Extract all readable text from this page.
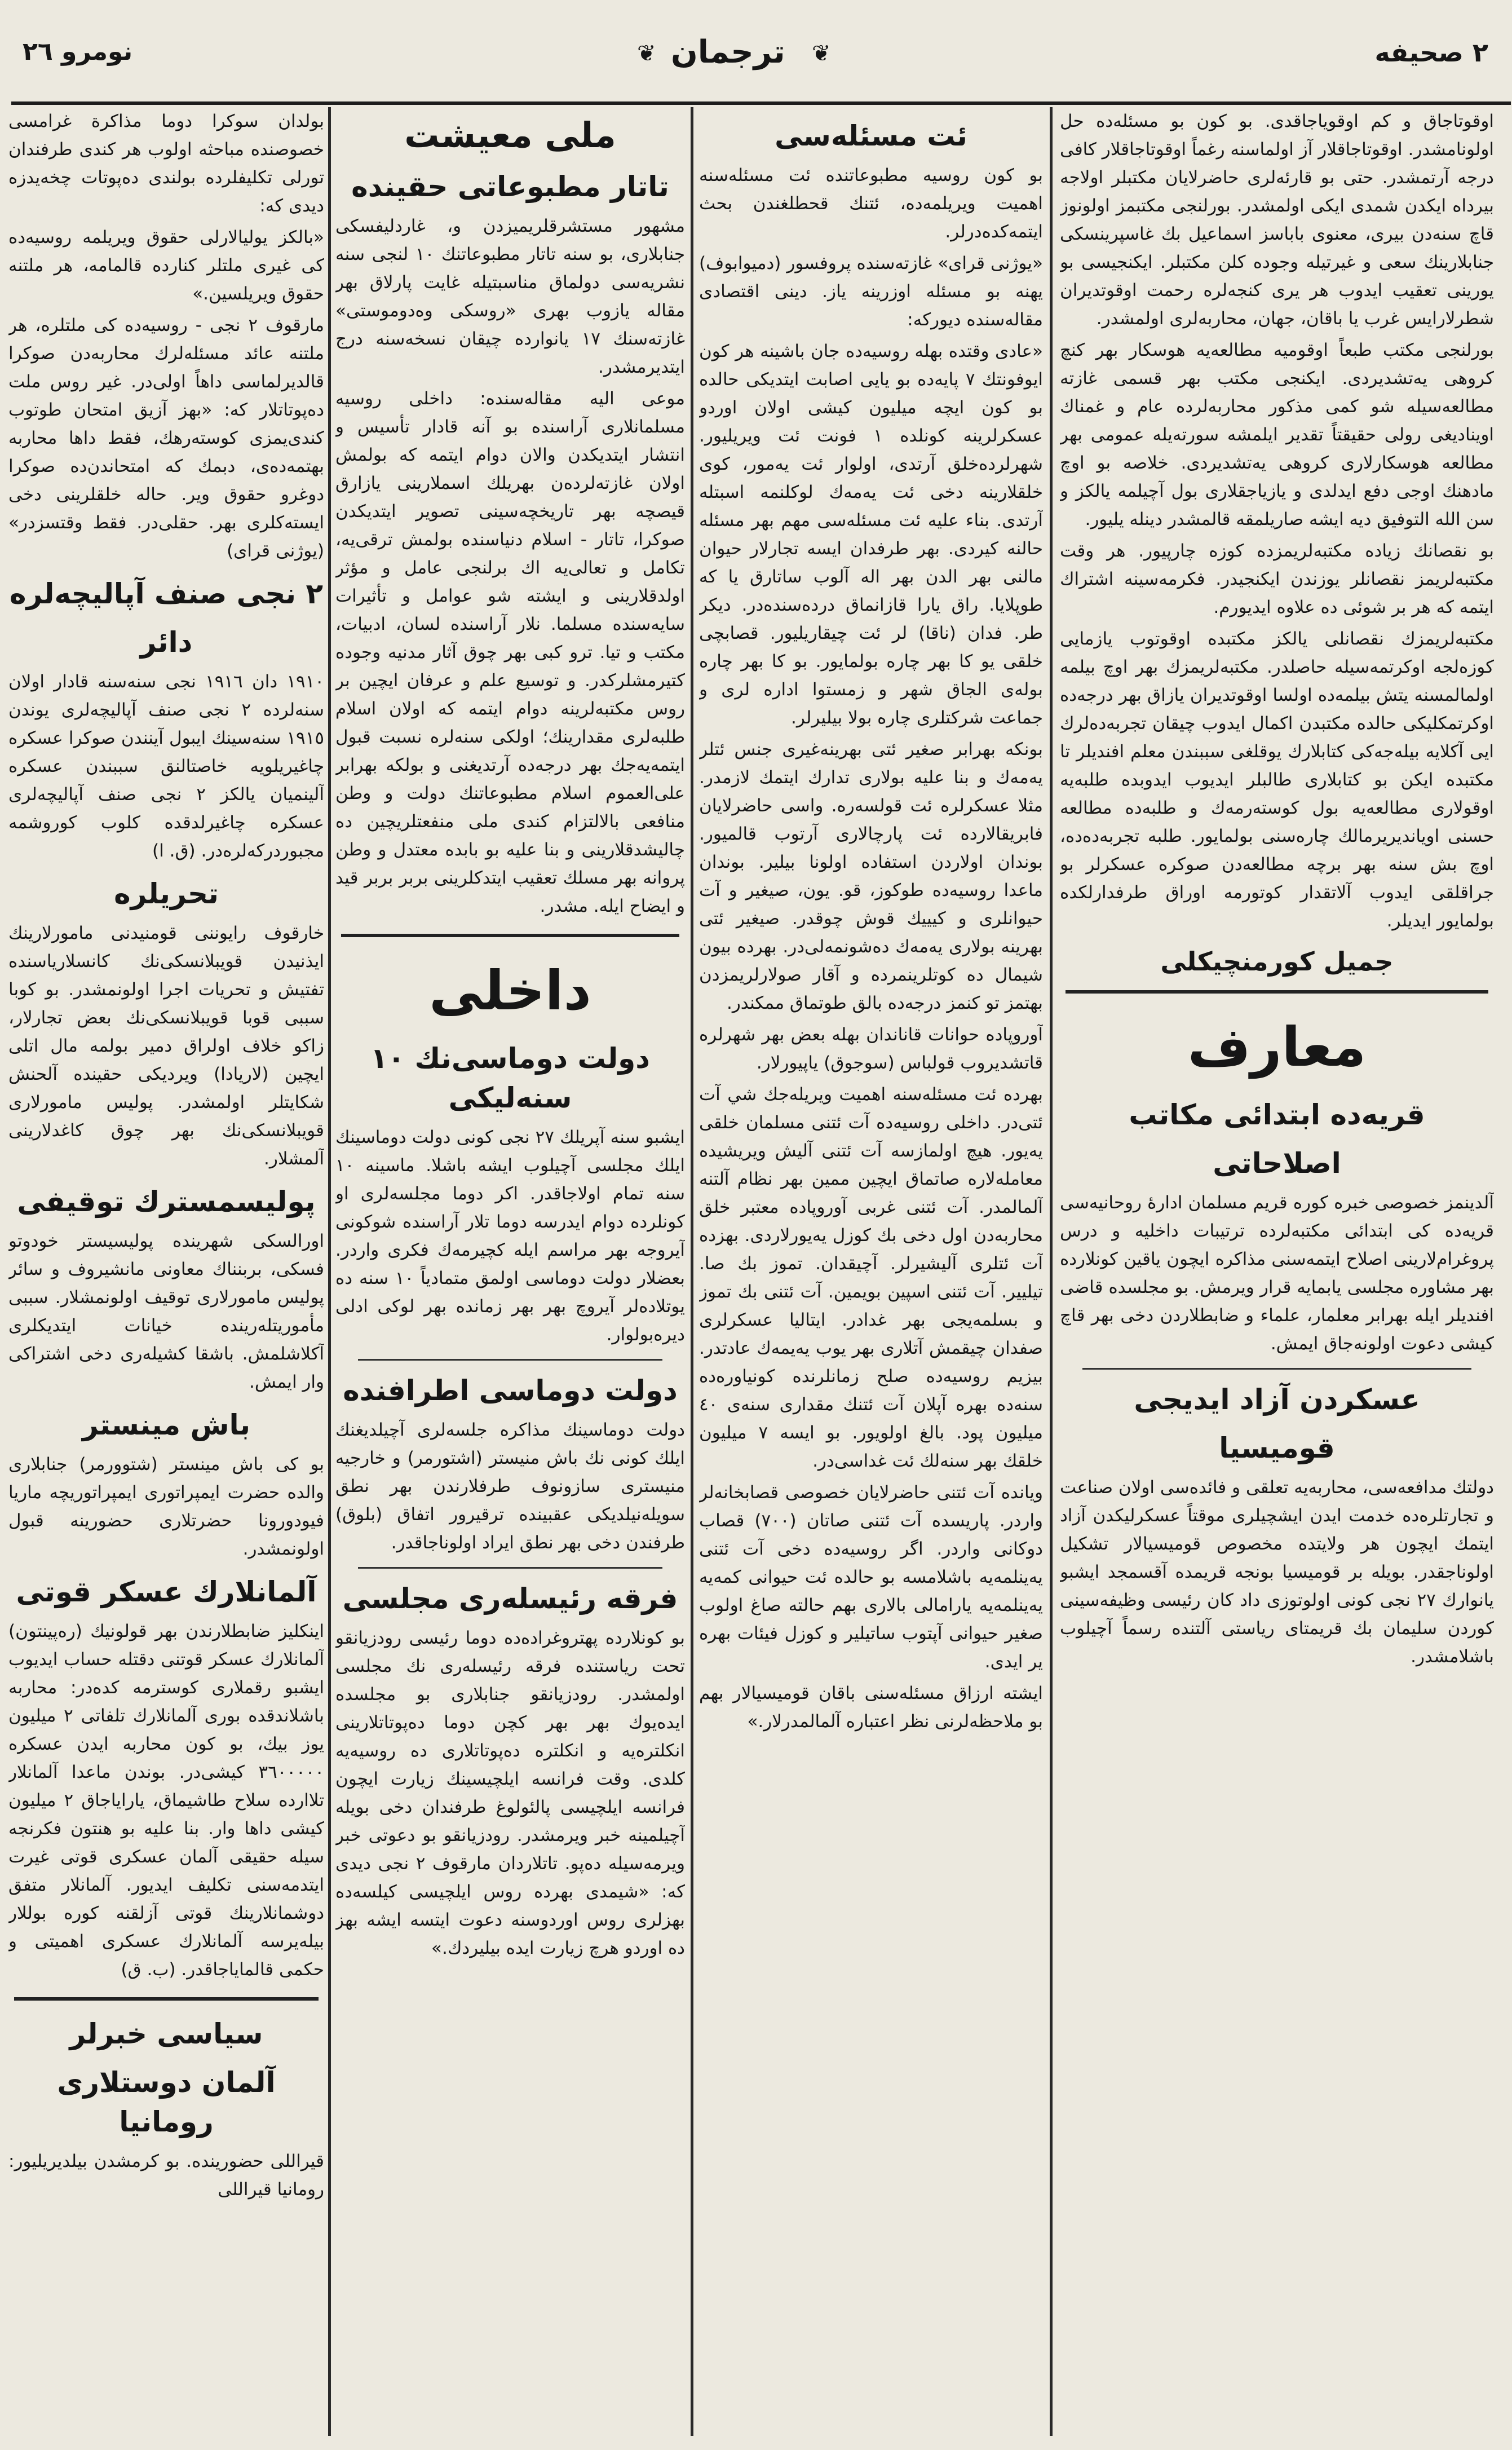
٢ صحيفه
ترجمان
❦	❦
نومرو ٢٦

اوقوتاجاق و كم اوقوياجاقدى. بو كون بو مسئله‌ده حل اولونامشدر. اوقوتاجاقلار آز اولماسنه رغماً اوقوتاجاقلار كافى درجه آرتمشدر. حتى بو قارئه‌لرى حاضرلايان مكتبلر اولاجه بيرداه ايكدن شمدى ايكى اولمشدر. بورلنجى مكتبمز اولونوز قاچ سنه‌دن بيرى، معنوى باباسز اسماعيل بك غاسپرينسكى جنابلارينك سعى و غيرتيله وجوده كلن مكتبلر. ايكنجيسى بو يورينى تعقيب ايدوب هر يرى كنجه‌لره رحمت اوقوتديران شطرلارايس غرب يا باقان، جهان، محاربه‌لرى اولمشدر.

بورلنجى مكتب طبعاً اوقوميه مطالعه‌يه هوسكار بهر كنچ كروهى يه‌تشديردى. ايكنجى مكتب بهر قسمى غازته مطالعه‌سيله شو كمى مذكور محاربه‌لرده عام و غمناك اويناديغى رولى حقيقتاً تقدير ايلمشه سورته‌يله عمومى بهر مطالعه هوسكارلارى كروهى يه‌تشديردى. خلاصه بو اوچ مادهنك اوجى دفع ايدلدى و يازياجقلارى بول آچيلمه يالكز و سن الله التوفيق ديه ايشه صاريلمقه قالمشدر دينله يليور.

بو نقصانك زياده مكتبه‌لريمزده كوزه چارپيور. هر وقت مكتبه‌لريمز نقصانلر يوزندن ايكنجيدر. فكرمه‌سينه اشتراك ايتمه كه هر بر شوئى ده علاوه ايديورم.

مكتبه‌لريمزك نقصانلى يالكز مكتبده اوقوتوب يازمايى كوزه‌لجه اوكرتمه‌سيله حاصلدر. مكتبه‌لريمزك بهر اوچ بيلمه اولمالمسنه يتش بيلمه‌ده اولسا اوقوتديران يازاق بهر درجه‌ده اوكرتمكليكى حالده مكتبدن اكمال ايدوب چيقان تجربه‌ده‌لرك ايى آكلايه بيله‌جه‌كى كتابلارك يوقلغى سببندن معلم افنديلر تا مكتبده ايكن بو كتابلارى طالبلر ايديوب ايدوبده طلبه‌يه اوقولارى مطالعه‌يه بول كوسته‌رمه‌ك و طلبه‌ده مطالعه حسنى اويانديريرمالك چاره‌سنى بولمايور. طلبه تجربه‌ده‌ده، اوچ بش سنه بهر برچه مطالعه‌دن صوكره عسكرلر بو جراقلقى ايدوب آلاتقدار كوتورمه اوراق طرفدارلكده بولمايور ايديلر.

جميل كورمنچيكلى
معارف
قريه‌ده ابتدائى مكاتب
اصلاحاتى

آلدينمز خصوصى خبره كوره قريم مسلمان ادارهٔ روحانيه‌سى قريه‌ده كى ابتدائى مكتبه‌لرده ترتيبات داخليه و درس پروغرام‌لارينى اصلاح ايتمه‌سنى مذاكره ايچون ياقين كونلارده بهر مشاوره مجلسى يابمايه قرار ويرمش. بو مجلسده قاضى افنديلر ايله بهرابر معلمار، علماء و ضابطلاردن دخى بهر قاچ كيشى دعوت اولونه‌جاق ايمش.

عسكردن آزاد ايديجى
قوميسيا

دولتك مدافعه‌سى، محاربه‌يه تعلقى و فائده‌سى اولان صناعت و تجارتلره‌ده خدمت ايدن ايشچيلرى موقتاً عسكرليكدن آزاد ايتمك ايچون هر ولايتده مخصوص قوميسيالار تشكيل اولوناجقدر. بويله بر قوميسيا بونجه قريمده آقسمجد ايشبو يانوارك ٢٧ نجى كونى اولوتوزى داد كان رئيسى وظيفه‌سينى كوردن سليمان بك قريمتاى رياستى آلتنده رسماً آچيلوب باشلامشدر.

ئت مسئله‌سى

بو كون روسيه مطبوعاتنده ئت مسئله‌سنه اهميت ويريلمه‌ده، ئتنك قحطلغندن بحث ايتمه‌كده‌درلر.

«يوژنى قراى» غازته‌سنده پروفسور (دميوابوف) يهنه بو مسئله اوزرينه ياز. دينى اقتصادى مقاله‌سنده ديوركه:

«عادى وقتده بهله روسيه‌ده جان باشينه هر كون ايوفونتك ٧ پايه‌ده بو يايى اصابت ايتديكى حالده بو كون ايچه ميليون كيشى اولان اوردو عسكرلرينه كونلده ١ فونت ئت ويريليور. شهرلرده‌خلق آرتدى، اولوار ئت يه‌مور، كوى خلقلارينه دخى ئت يه‌مه‌ك لوكلنمه اسبتله آرتدى. بناء عليه ئت مسئله‌سى مهم بهر مسئله حالنه كيردى. بهر طرفدان ايسه تجارلار حيوان مالنى بهر الدن بهر اله آلوب ساتارق يا كه طوپلايا. راق يارا قازانماق درده‌سنده‌در. ديكر طر. فدان (ناقا) لر ئت چيقاريليور. قصابچى خلقى يو كا بهر چاره بولمايور. بو كا بهر چاره بوله‌ى الجاق شهر و زمستوا اداره لرى و جماعت شركتلرى چاره بولا بيليرلر.

بونكه بهرابر صغير ئتى بهرينه‌غيرى جنس ئتلر يه‌مه‌ك و بنا عليه بولارى تدارك ايتمك لازمدر. مثلا عسكرلره ئت قولسه‌ره. واسى حاضرلايان فابريقالارده ئت پارچالارى آرتوب قالميور. بوندان اولاردن استفاده اولونا بيلير. بوندان ماعدا روسيه‌ده طوكوز، قو. يون، صيغير و آت حيوانلرى و كيييك قوش چوقدر. صيغير ئتى بهرينه بولارى يه‌مه‌ك ده‌شونمه‌لى‌در. بهرده بيون شيمال ده كوتلرينمرده و آقار صولارلريمزدن بهتمز تو كنمز درجه‌ده بالق طوتماق ممكندر.

آوروپاده حوانات قاناندان بهله بعض بهر شهرلره قاتشديروب قولباس (سوجوق) ياپيورلار.

بهرده ئت مسئله‌سنه اهميت ويريله‌جك شي آت ئتى‌در. داخلى روسيه‌ده آت ئتنى مسلمان خلقى يه‌يور. هيچ اولمازسه آت ئتنى آليش ويريشيده معامله‌لاره صاتماق ايچين ممين بهر نظام آلتنه آلمالمدر. آت ئتنى غربى آوروپاده معتبر خلق محاربه‌دن اول دخى بك كوزل يه‌يورلاردى. بهزده آت ئتلرى آليشيرلر. آچيقدان. تموز بك صا. تيليير. آت ئتنى اسپين بويمين. آت ئتنى بك تموز و بسلمه‌يجى بهر غدادر. ايتاليا عسكرلرى صفدان چيقمش آتلارى بهر يوب يه‌يمه‌ك عادتدر. بيزيم روسيه‌ده صلح زمانلرنده كونياوره‌ده سنه‌ده بهره آپلان آت ئتنك مقدارى سنه‌ى ٤٠ ميليون پود. بالغ اولويور. بو ايسه ٧ ميليون خلقك بهر سنه‌لك ئت غداسى‌در.

ويانده آت ئتنى حاضرلايان خصوصى قصابخانه‌لر واردر. پاريسده آت ئتنى صاتان (٧٠٠) قصاب دوكانى واردر. اگر روسيه‌ده دخى آت ئتنى يه‌ينلمه‌يه باشلامسه بو حالده ئت حيوانى كمه‌يه يه‌ينلمه‌يه يارامالى بالارى بهم حالته صاغ اولوب صغير حيوانى آپتوب ساتيلير و كوزل فيئات بهره ير ايدى.

ايشته ارزاق مسئله‌سنى باقان قوميسيالار بهم بو ملاحظه‌لرنى نظر اعتباره آلمالمدرلار.»

ملى معيشت
تاتار مطبوعاتى حقينده

مشهور مستشرقلريميزدن و، غاردليفسكى جنابلارى، بو سنه تاتار مطبوعاتنك ١٠ لنجى سنه نشريه‌سى دولماق مناسبتيله غايت پارلاق بهر مقاله يازوب بهرى «روسكى وه‌دوموستى» غازته‌سنك ١٧ يانوارده چيقان نسخه‌سنه درج ايتديرمشدر.

موعى اليه مقاله‌سنده: داخلى روسيه مسلمانلارى آراسنده بو آنه قادار تأسيس و انتشار ايتديكدن والان دوام ايتمه كه بولمش اولان غازته‌لرده‌ن بهريلك اسملارينى يازارق قيصچه بهر تاريخچه‌سينى تصوير ايتديكدن صوكرا، تاتار - اسلام دنياسنده بولمش ترقى‌يه، تكامل و تعالى‌يه اك برلنجى عامل و مؤثر اولدقلارينى و ايشته شو عوامل و تأثيرات سايه‌سنده مسلما. نلار آراسنده لسان، ادبيات، مكتب و تيا. ترو كبى بهر چوق آثار مدنيه وجوده كتيرمشلركدر. و توسيع علم و عرفان ايچين بر روس مكتبه‌لرينه دوام ايتمه كه اولان اسلام طلبه‌لرى مقدارينك؛ اولكى سنه‌لره نسبت قبول ايتمه‌يه‌جك بهر درجه‌ده آرتديغنى و بولكه بهرابر على‌العموم اسلام مطبوعاتنك دولت و وطن منافعى بالالتزام كندى ملى منفعتلريچين ده چاليشدقلارينى و بنا عليه بو بابده معتدل و وطن پروانه بهر مسلك تعقيب ايتدكلرينى بربر بربر قيد و ايضاح ايله. مشدر.

داخلى
دولت دوماسى‌نك ١٠ سنه‌ليكى

ايشبو سنه آپريلك ٢٧ نجى كونى دولت دوماسينك ايلك مجلسى آچيلوب ايشه باشلا. ماسينه ١٠ سنه تمام اولاجاقدر. اكر دوما مجلسه‌لرى او كونلرده دوام ايدرسه دوما تلار آراسنده شوكونى آيروجه بهر مراسم ايله كچيرمه‌ك فكرى واردر. بعضلار دولت دوماسى اولمق متمادياً ١٠ سنه ‌ده يوتلاده‌لر آيروچ بهر بهر زمانده بهر لوكى ادلى ديره‌بولوار.

دولت دوماسى اطرافنده

دولت دوماسينك مذاكره جلسه‌لرى آچيلديغنك ايلك كونى نك باش منيستر (اشتورمر) و خارجيه منيسترى سازونوف طرفلارندن بهر نطق سويله‌نيلديكى عقبينده ترقيرور اتفاق (بلوق) طرفندن دخى بهر نطق ايراد اولوناجاقدر.

فرقه رئيسله‌رى مجلسى

بو كونلارده پهتروغراده‌ده دوما رئيسى رودزيانقو تحت رياستنده فرقه رئيسله‌رى نك مجلسى اولمشدر. رودزيانقو جنابلارى بو مجلسده ايده‌يوك بهر بهر كچن دوما ده‌پوتاتلارينى انكلتره‌يه و انكلتره ده‌پوتاتلارى ده روسيه‌يه كلدى. وقت فرانسه ايلچيسينك زيارت ايچون فرانسه ايلچيسى پالئولوغ طرفندان دخى بويله آچيلمينه خبر ويرمشدر. رودزيانقو بو دعوتى خبر ويرمه‌سيله ده‌پو. تاتلاردان مارقوف ٢ نجى ديدى كه: «شيمدى بهرده روس ايلچيسى كيلسه‌ده بهزلرى روس اوردوسنه دعوت ايتسه ايشه بهز ده اوردو هرچ زيارت ايده بيليردك.»

بولدان سوكرا دوما مذاكرة غرامسى خصوصنده مباحثه اولوب هر كندى طرفندان تورلى تكليفلرده بولندى ده‌پوتات چخه‌يدزه ديدى كه:

«بالكز يوليالارلى حقوق ويريلمه روسيه‌ده كى غيرى ملتلر كنارده قالمامه، هر ملتنه حقوق ويريلسين.»

مارقوف ٢ نجى - روسيه‌ده كى ملتلره، هر ملتنه عائد مسئله‌لرك محاربه‌دن صوكرا قالديرلماسى داهاً اولى‌در. غير روس ملت ده‌پوتاتلار كه: «بهز آزيق امتحان طوتوب كندى‌يمزى كوسته‌رهك، فقط داها محاربه بهتمه‌ده‌ى، دبمك كه امتحاندن‌ده صوكرا دوغرو حقوق وير. حاله خلقلرينى دخى ايسته‌كلرى بهر. حقلى‌در. فقط وقتسزدر» (يوژنى قراى)

٢ نجى صنف آپاليچه‌لره
دائر

١٩١٠ دان ١٩١٦ نجى سنه‌سنه قادار اولان سنه‌لرده ٢ نجى صنف آپاليچه‌لرى يوندن ١٩١٥ سنه‌سينك ايبول آينندن صوكرا عسكره چاغيريلويه خاصتالنق سببندن عسكره آلينميان يالكز ٢ نجى صنف آپاليچه‌لرى عسكره چاغيرلدقده كلوب كوروشمه مجبوردركه‌لره‌در. (ق. ا)

تحريلره

خارقوف رايوننى قومنيدنى مامورلارينك ايذنيدن قويبلانسكى‌نك كانسلارياسنده تفتيش و تحريات اجرا اولونمشدر. بو كوبا سببى قوبا قويبلانسكى‌نك بعض تجارلار، زاكو خلاف اولراق دمير بولمه مال اتلى ايچين (لاريادا) ويرديكى حقينده آلحنش شكايتلر اولمشدر. پوليس مامورلارى قويبلانسكى‌نك بهر چوق كاغدلارينى آلمشلار.

پوليسمستر‌ك توقيفى

اورالسكى شهرينده پوليسيستر خودوتو فسكى، بربنناك معاونى مانشيروف و سائر پوليس مامورلارى توقيف اولونمشلار. سببى مأموريتله‌رينده خيانات ايتديكلرى آكلاشلمش. باشقا كشيله‌رى دخى اشتراكى وار ايمش.

باش مينستر

بو كى باش مينستر (شتوورمر) جنابلارى والده حضرت ايمپراتورى ايمپراتوريچه ماريا فيودورونا حضرتلارى حضورينه قبول اولونمشدر.

آلمانلارك عسكر قوتى

اينكليز ضابطلارندن بهر قولونيك (ره‌پينتون) آلمانلارك عسكر قوتنى دقتله حساب ايديوب ايشبو رقملارى كوسترمه كده‌در: محاربه باشلاندقده بورى آلمانلارك تلفاتى ٢ ميليون يوز بيك، بو كون محاربه ايدن عسكره ٣٦٠٠٠٠٠ كيشى‌در. بوندن ماعدا آلمانلار تلاارده سلاح طاشيماق، ياراياجاق ٢ ميليون كيشى داها وار. بنا عليه بو هنتون فكرنجه سيله حقيقى آلمان عسكرى قوتى غيرت ايتدمه‌سنى تكليف ايديور. آلمانلار متفق دوشمانلارينك قوتى آزلقنه كوره بوللار بيله‌يرسه آلمانلارك عسكرى اهميتى و حكمى قالماياجاقدر. (ب. ق)

سياسى خبرلر
آلمان دوستلارى رومانيا

قيراللى حضورينده. بو كرمشدن بيلديريليور: رومانيا قيراللى
